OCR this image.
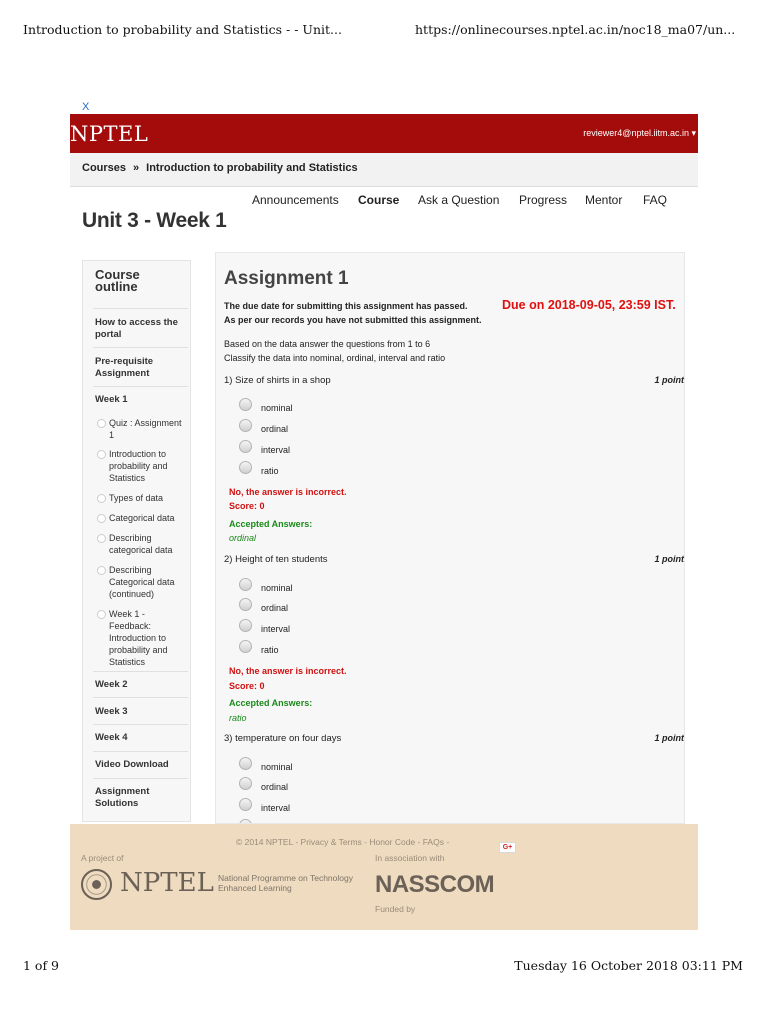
Introduction to probability and Statistics - - Unit...	https://onlinecourses.nptel.ac.in/noc18_ma07/un...
X
NPTEL	reviewer4@nptel.iitm.ac.in ▾
Courses » Introduction to probability and Statistics
Announcements Course Ask a Question Progress Mentor FAQ
Unit 3 - Week 1
Course outline
How to access the portal
Pre-requisite Assignment
Week 1
Quiz : Assignment 1
Introduction to probability and Statistics
Types of data
Categorical data
Describing categorical data
Describing Categorical data (continued)
Week 1 - Feedback: Introduction to probability and Statistics
Week 2
Week 3
Week 4
Video Download
Assignment Solutions
Assignment 1
The due date for submitting this assignment has passed.	Due on 2018-09-05, 23:59 IST.
As per our records you have not submitted this assignment.
Based on the data answer the questions from 1 to 6
Classify the data into nominal, ordinal, interval and ratio
1) Size of shirts in a shop	1 point
nominal
ordinal
interval
ratio
No, the answer is incorrect.
Score: 0
Accepted Answers:
ordinal
2) Height of ten students	1 point
nominal
ordinal
interval
ratio
No, the answer is incorrect.
Score: 0
Accepted Answers:
ratio
3) temperature on four days	1 point
nominal
ordinal
interval
© 2014 NPTEL - Privacy & Terms - Honor Code - FAQs -
G+
A project of	In association with
NPTEL National Programme on Technology Enhanced Learning	NASSCOM
Funded by
1 of 9	Tuesday 16 October 2018 03:11 PM
